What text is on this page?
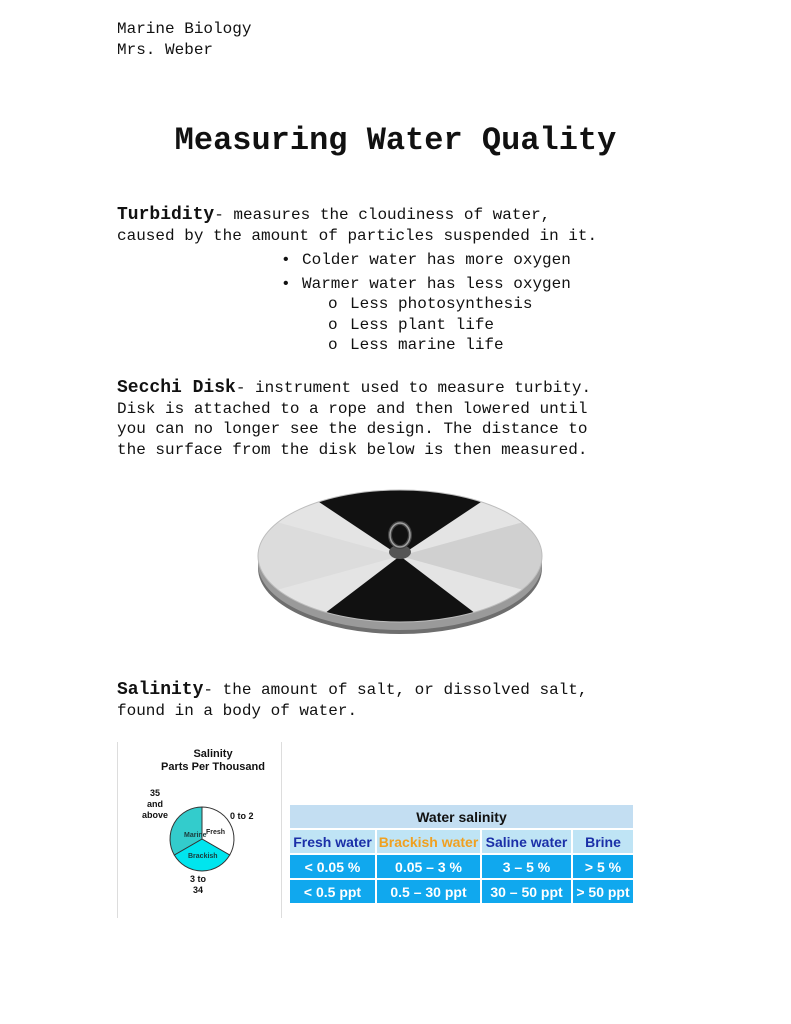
Marine Biology
Mrs. Weber
Measuring Water Quality
Turbidity- measures the cloudiness of water,
caused by the amount of particles suspended in it.
• Colder water has more oxygen
• Warmer water has less oxygen
o Less photosynthesis
o Less plant life
o Less marine life
Secchi Disk- instrument used to measure turbity.
Disk is attached to a rope and then lowered until
you can no longer see the design. The distance to
the surface from the disk below is then measured.
Salinity- the amount of salt, or dissolved salt,
found in a body of water.
Salinity
Parts Per Thousand
35
and
above	0 to 2
3 to
34
Marine Fresh
Brackish
Water salinity			
Fresh water	Brackish water	Saline water	Brine
< 0.05 %	0.05 – 3 %	3 – 5 %	> 5 %
< 0.5 ppt	0.5 – 30 ppt	30 – 50 ppt	> 50 ppt
